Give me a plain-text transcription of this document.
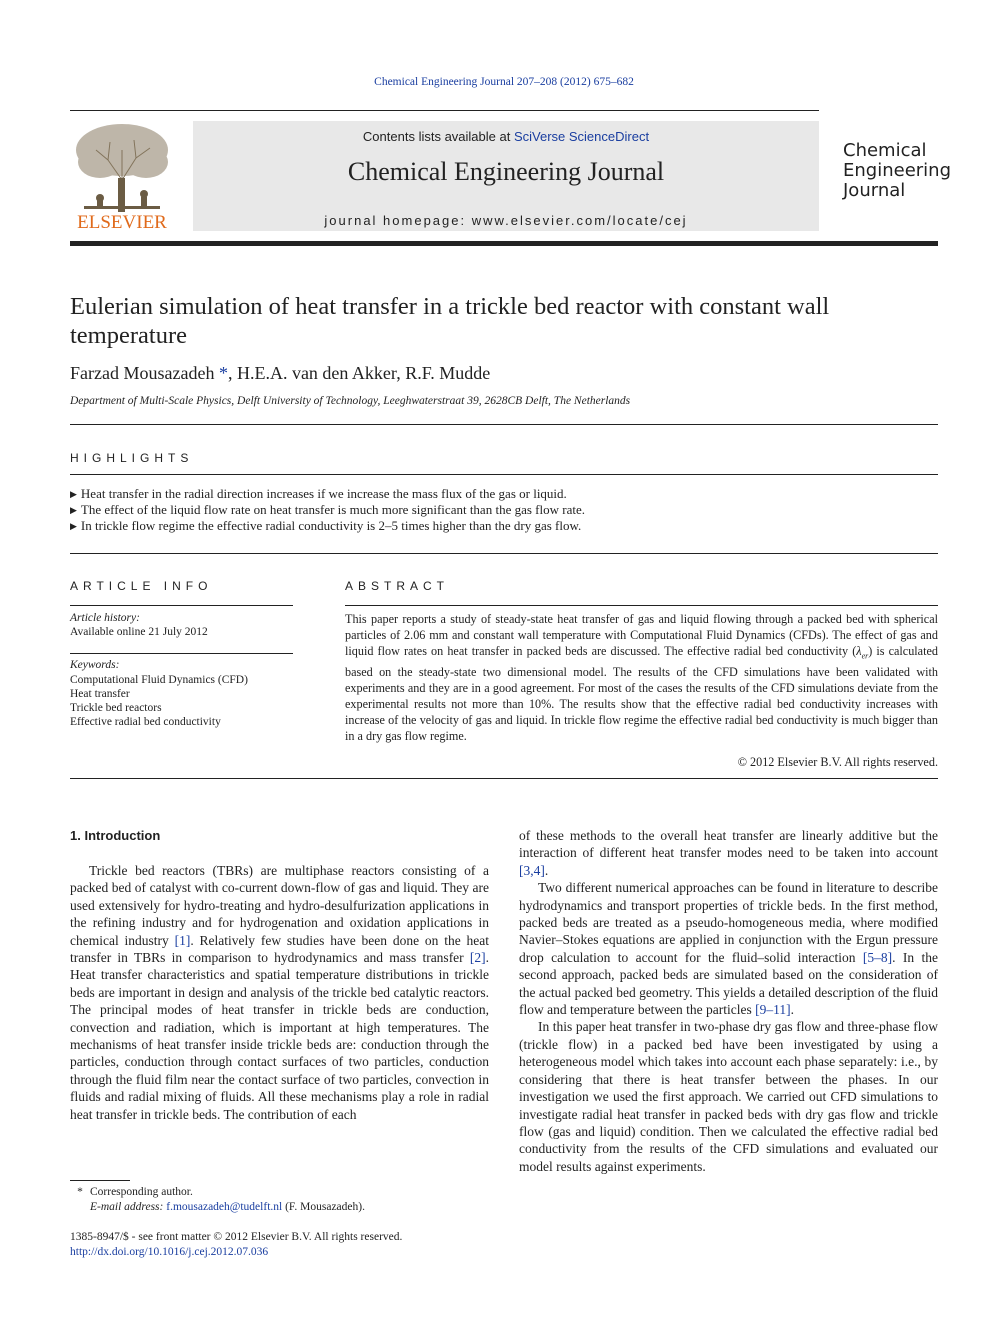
Chemical Engineering Journal 207–208 (2012) 675–682
ELSEVIER
Contents lists available at SciVerse ScienceDirect
Chemical Engineering Journal
journal homepage: www.elsevier.com/locate/cej
Chemical
Engineering
Journal
Eulerian simulation of heat transfer in a trickle bed reactor with constant wall temperature
Farzad Mousazadeh *, H.E.A. van den Akker, R.F. Mudde
Department of Multi-Scale Physics, Delft University of Technology, Leeghwaterstraat 39, 2628CB Delft, The Netherlands
HIGHLIGHTS
▶ Heat transfer in the radial direction increases if we increase the mass flux of the gas or liquid.
▶ The effect of the liquid flow rate on heat transfer is much more significant than the gas flow rate.
▶ In trickle flow regime the effective radial conductivity is 2–5 times higher than the dry gas flow.
ARTICLE INFO
Article history:
Available online 21 July 2012
Keywords:
Computational Fluid Dynamics (CFD)
Heat transfer
Trickle bed reactors
Effective radial bed conductivity
ABSTRACT
This paper reports a study of steady-state heat transfer of gas and liquid flowing through a packed bed with spherical particles of 2.06 mm and constant wall temperature with Computational Fluid Dynamics (CFDs). The effect of gas and liquid flow rates on heat transfer in packed beds are discussed. The effective radial bed conductivity $(\lambda_{er})$ is calculated based on the steady-state two dimensional model. The results of the CFD simulations have been validated with experiments and they are in a good agreement. For most of the cases the results of the CFD simulations deviate from the experimental results not more than 10%. The results show that the effective radial bed conductivity increases with increase of the velocity of gas and liquid. In trickle flow regime the effective radial bed conductivity is much bigger than in a dry gas flow regime.
© 2012 Elsevier B.V. All rights reserved.
1. Introduction

Trickle bed reactors (TBRs) are multiphase reactors consisting of a packed bed of catalyst with co-current down-flow of gas and liquid. They are used extensively for hydro-treating and hydro-desulfurization applications in the refining industry and for hydrogenation and oxidation applications in chemical industry [1]. Relatively few studies have been done on the heat transfer in TBRs in comparison to hydrodynamics and mass transfer [2]. Heat transfer characteristics and spatial temperature distributions in trickle beds are important in design and analysis of the trickle bed catalytic reactors. The principal modes of heat transfer in trickle beds are conduction, convection and radiation, which is important at high temperatures. The mechanisms of heat transfer inside trickle beds are: conduction through the particles, conduction through contact surfaces of two particles, conduction through the fluid film near the contact surface of two particles, convection in fluids and radial mixing of fluids. All these mechanisms play a role in radial heat transfer in trickle beds. The contribution of each

of these methods to the overall heat transfer are linearly additive but the interaction of different heat transfer modes need to be taken into account [3,4].

Two different numerical approaches can be found in literature to describe hydrodynamics and transport properties of trickle beds. In the first method, packed beds are treated as a pseudo-homogeneous media, where modified Navier–Stokes equations are applied in conjunction with the Ergun pressure drop calculation to account for the fluid–solid interaction [5–8]. In the second approach, packed beds are simulated based on the consideration of the actual packed bed geometry. This yields a detailed description of the fluid flow and temperature between the particles [9–11].

In this paper heat transfer in two-phase dry gas flow and three-phase flow (trickle flow) in a packed bed have been investigated by using a heterogeneous model which takes into account each phase separately: i.e., by considering that there is heat transfer between the phases. In our investigation we used the first approach. We carried out CFD simulations to investigate radial heat transfer in packed beds with dry gas flow and trickle flow (gas and liquid) condition. Then we calculated the effective radial bed conductivity from the results of the CFD simulations and evaluated our model results against experiments.

* Corresponding author.
E-mail address: f.mousazadeh@tudelft.nl (F. Mousazadeh).
1385-8947/$ - see front matter © 2012 Elsevier B.V. All rights reserved.
http://dx.doi.org/10.1016/j.cej.2012.07.036
